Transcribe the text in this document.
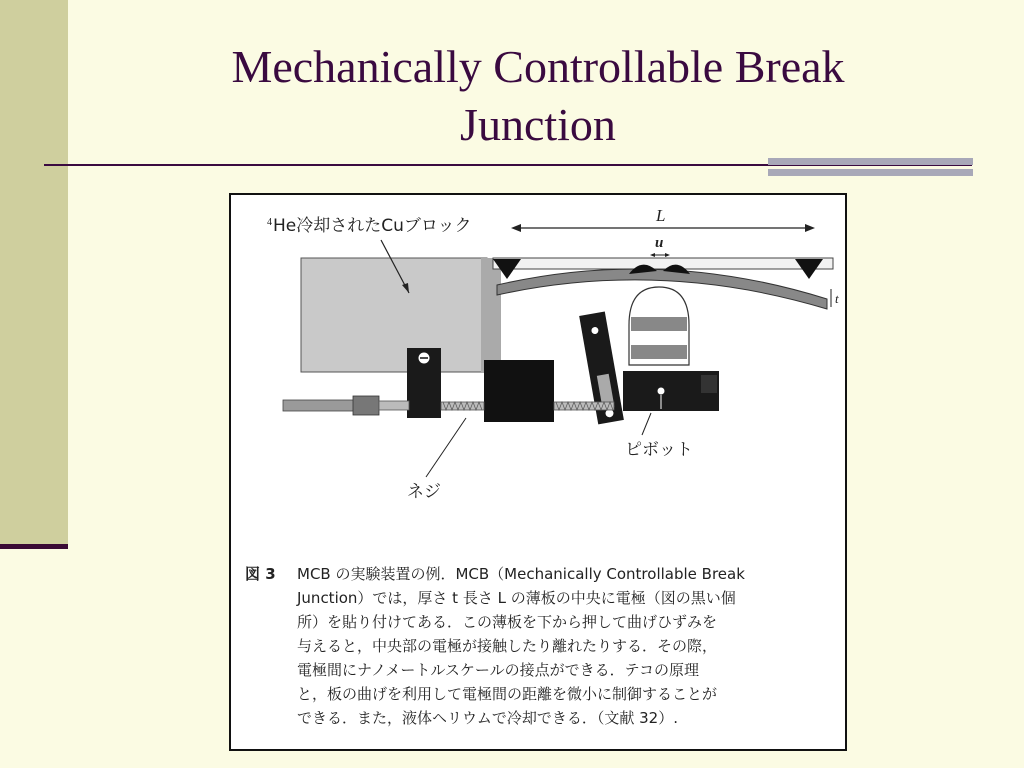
Mechanically Controllable Break
Junction
4 He冷却されたCuブロック
L
u
t
ピボット
ネジ
図 3 MCB の実験装置の例．MCB（Mechanically Controllable Break
Junction）では，厚さ t 長さ L の薄板の中央に電極（図の黒い個
所）を貼り付けてある．この薄板を下から押して曲げひずみを
与えると，中央部の電極が接触したり離れたりする．その際，
電極間にナノメートルスケールの接点ができる．テコの原理
と，板の曲げを利用して電極間の距離を微小に制御することが
できる．また，液体ヘリウムで冷却できる．（文献 32）.
